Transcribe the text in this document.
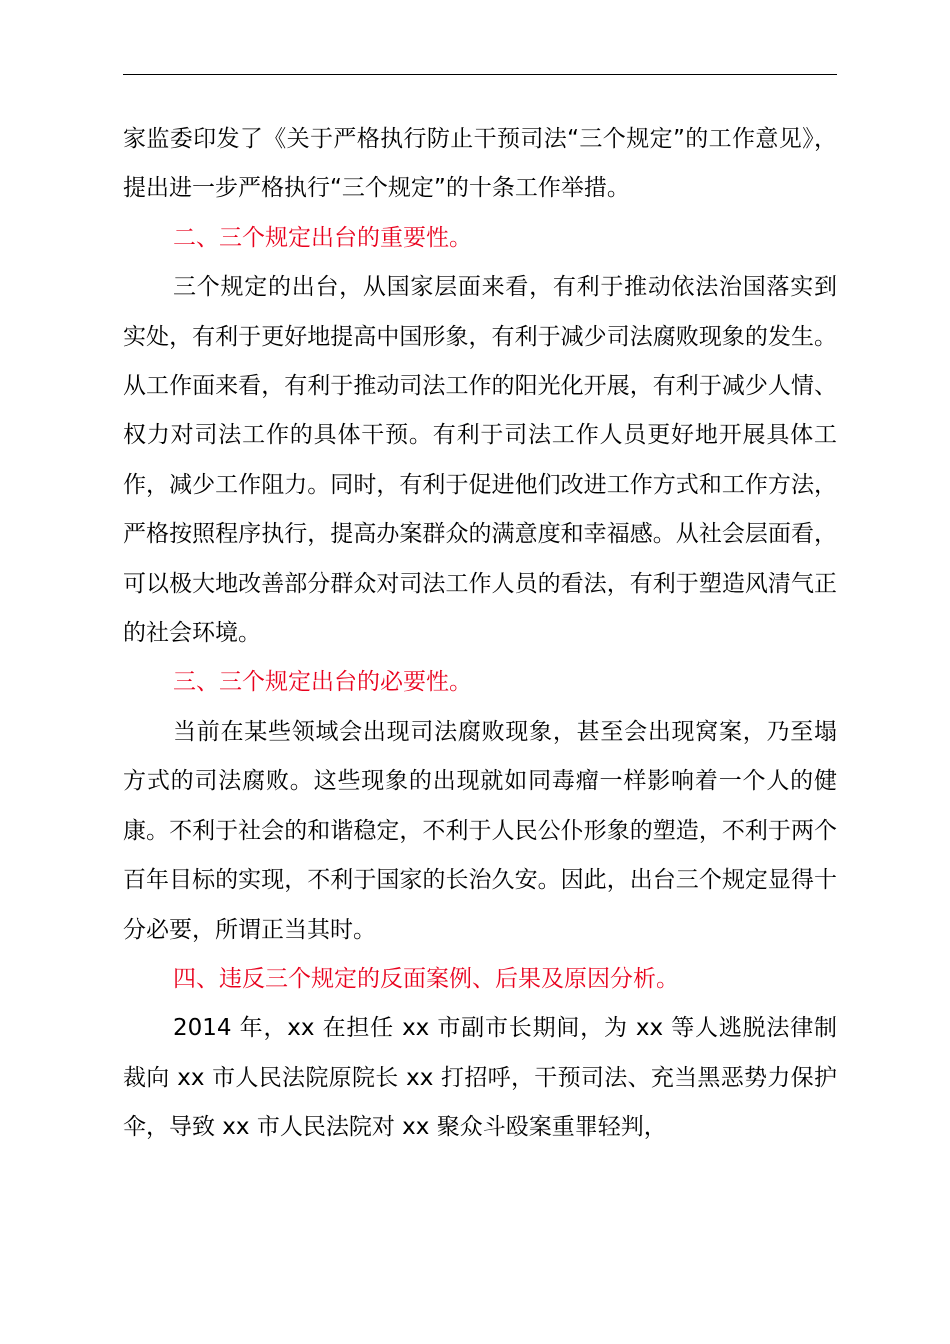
家监委印发了《关于严格执行防止干预司法“三个规定”的工作意见》，提出进一步严格执行“三个规定”的十条工作举措。

二、三个规定出台的重要性。

三个规定的出台，从国家层面来看，有利于推动依法治国落实到实处，有利于更好地提高中国形象，有利于减少司法腐败现象的发生。从工作面来看，有利于推动司法工作的阳光化开展，有利于减少人情、权力对司法工作的具体干预。有利于司法工作人员更好地开展具体工作，减少工作阻力。同时，有利于促进他们改进工作方式和工作方法，严格按照程序执行，提高办案群众的满意度和幸福感。从社会层面看，可以极大地改善部分群众对司法工作人员的看法，有利于塑造风清气正的社会环境。

三、三个规定出台的必要性。

当前在某些领域会出现司法腐败现象，甚至会出现窝案，乃至塌方式的司法腐败。这些现象的出现就如同毒瘤一样影响着一个人的健康。不利于社会的和谐稳定，不利于人民公仆形象的塑造，不利于两个百年目标的实现，不利于国家的长治久安。因此，出台三个规定显得十分必要，所谓正当其时。

四、违反三个规定的反面案例、后果及原因分析。

2014 年，xx 在担任 xx 市副市长期间，为 xx 等人逃脱法律制裁向 xx 市人民法院原院长 xx 打招呼，干预司法、充当黑恶势力保护伞，导致 xx 市人民法院对 xx 聚众斗殴案重罪轻判，
